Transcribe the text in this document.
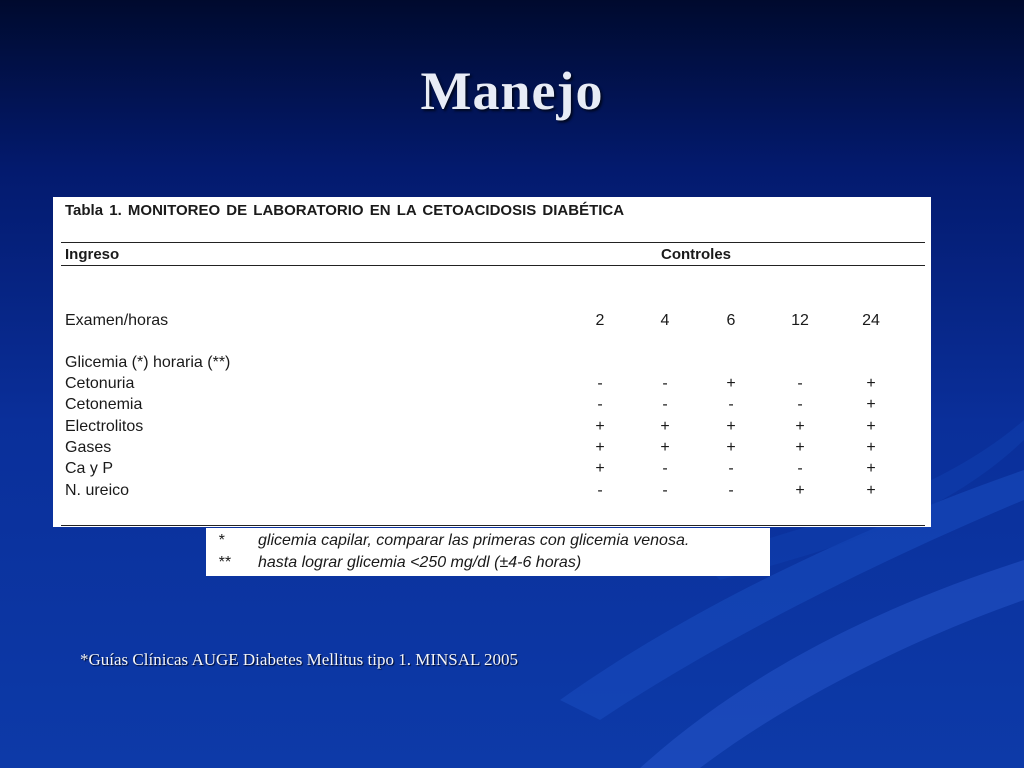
Manejo
Tabla 1. MONITOREO DE LABORATORIO EN LA CETOACIDOSIS DIABÉTICA
Ingreso	Controles
Examen/horas	2	4	6	12	24
Glicemia (*) horaria (**)
Cetonuria	-	-	+	-	+
Cetonemia	-	-	-	-	+
Electrolitos	+	+	+	+	+
Gases	+	+	+	+	+
Ca y P	+	-	-	-	+
N. ureico	-	-	-	+	+
* glicemia capilar, comparar las primeras con glicemia venosa.
** hasta lograr glicemia <250 mg/dl (±4-6 horas)
*Guías Clínicas AUGE Diabetes Mellitus tipo 1. MINSAL 2005
